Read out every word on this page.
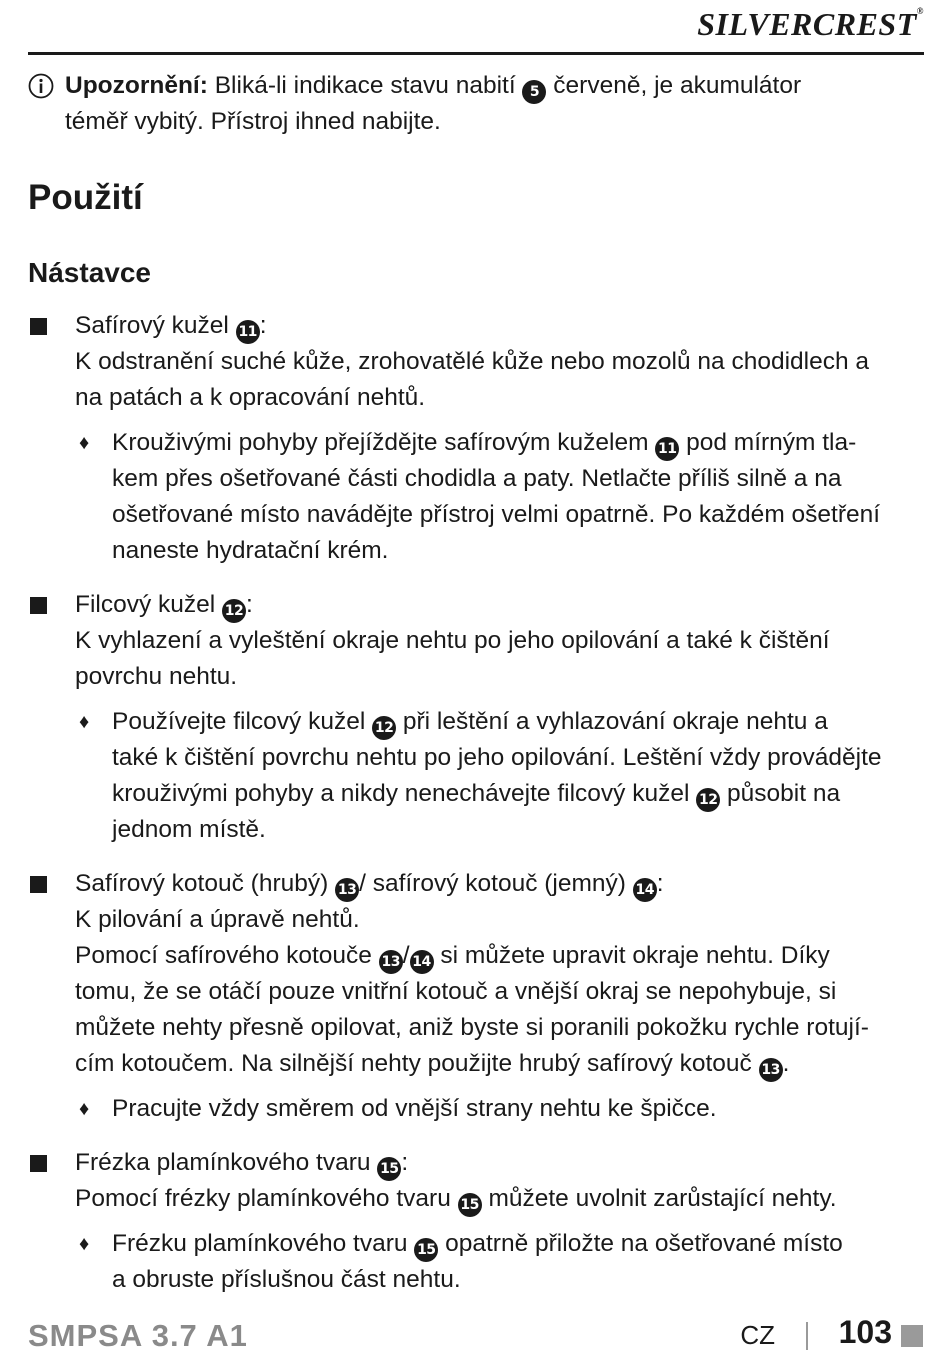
SILVERCREST®
Upozornění: Bliká-li indikace stavu nabití 5 červeně, je akumulátor
téměř vybitý. Přístroj ihned nabijte.
Použití
Nástavce
Safírový kužel 11 :
K odstranění suché kůže, zrohovatělé kůže nebo mozolů na chodidlech a
na patách a k opracování nehtů.
♦ Krouživými pohyby přejíždějte safírovým kuželem 11 pod mírným tla-
kem přes ošetřované části chodidla a paty. Netlačte příliš silně a na
ošetřované místo navádějte přístroj velmi opatrně. Po každém ošetření
naneste hydratační krém.
Filcový kužel 12 :
K vyhlazení a vyleštění okraje nehtu po jeho opilování a také k čištění
povrchu nehtu.
♦ Používejte filcový kužel 12 při leštění a vyhlazování okraje nehtu a
také k čištění povrchu nehtu po jeho opilování. Leštění vždy provádějte
krouživými pohyby a nikdy nenechávejte filcový kužel 12 působit na
jednom místě.
Safírový kotouč (hrubý) 13 / safírový kotouč (jemný) 14 :
K pilování a úpravě nehtů.
Pomocí safírového kotouče 13 / 14 si můžete upravit okraje nehtu. Díky
tomu, že se otáčí pouze vnitřní kotouč a vnější okraj se nepohybuje, si
můžete nehty přesně opilovat, aniž byste si poranili pokožku rychle rotují-
cím kotoučem. Na silnější nehty použijte hrubý safírový kotouč 13 .
♦ Pracujte vždy směrem od vnější strany nehtu ke špičce.
Frézka plamínkového tvaru 15 :
Pomocí frézky plamínkového tvaru 15 můžete uvolnit zarůstající nehty.
♦ Frézku plamínkového tvaru 15 opatrně přiložte na ošetřované místo
a obruste příslušnou část nehtu.
SMPSA 3.7 A1	CZ 103
